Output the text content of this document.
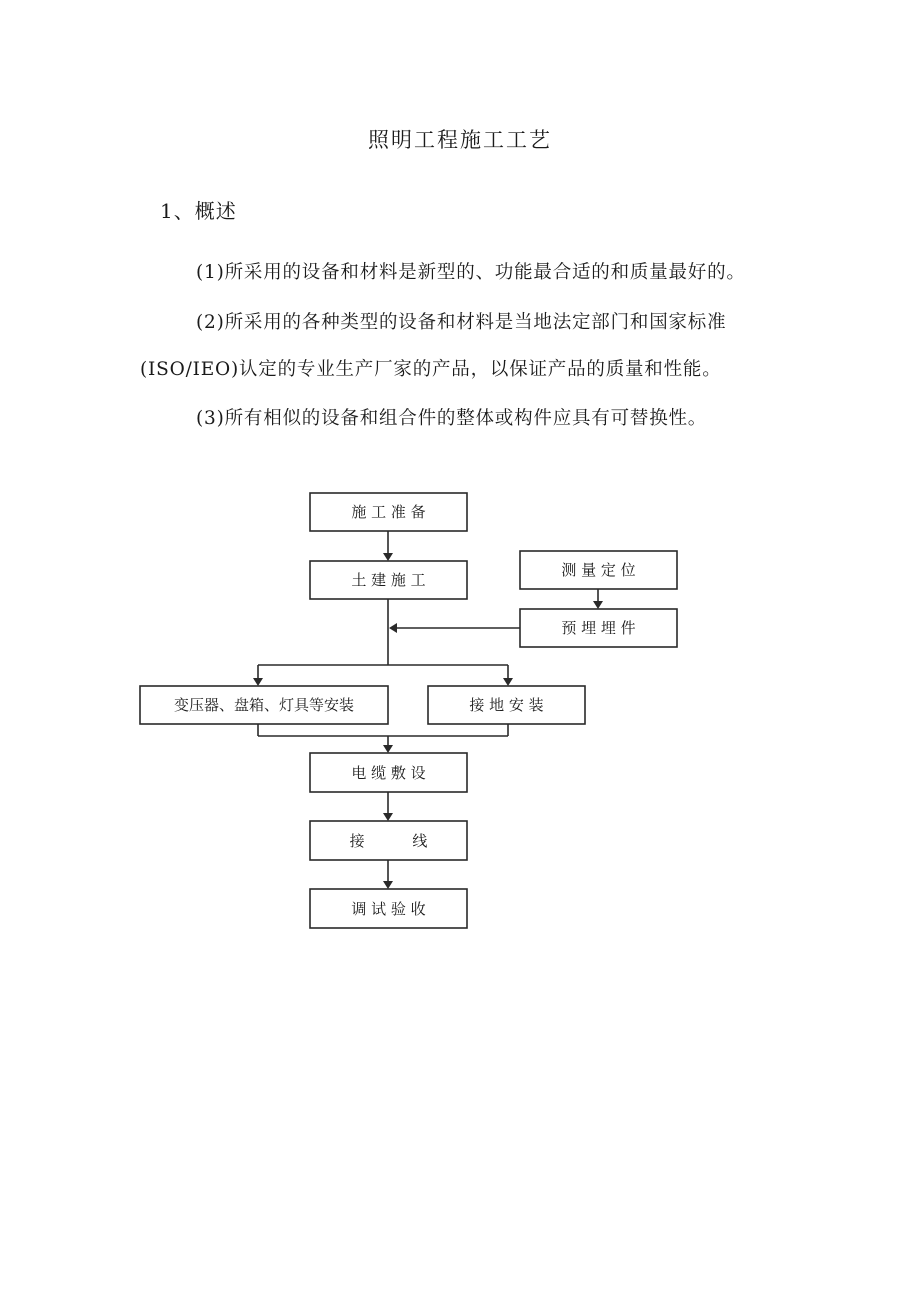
照明工程施工工艺
1、概述
(1)所采用的设备和材料是新型的、功能最合适的和质量最好的。
(2)所采用的各种类型的设备和材料是当地法定部门和国家标准
(ISO/IEO)认定的专业生产厂家的产品，以保证产品的质量和性能。
(3)所有相似的设备和组合件的整体或构件应具有可替换性。
施 工 准 备
土 建 施 工
测 量 定 位
预 埋 埋 件
变压器、盘箱、灯具等安装	接 地 安 装
电 缆 敷 设
接          线
调 试 验 收
